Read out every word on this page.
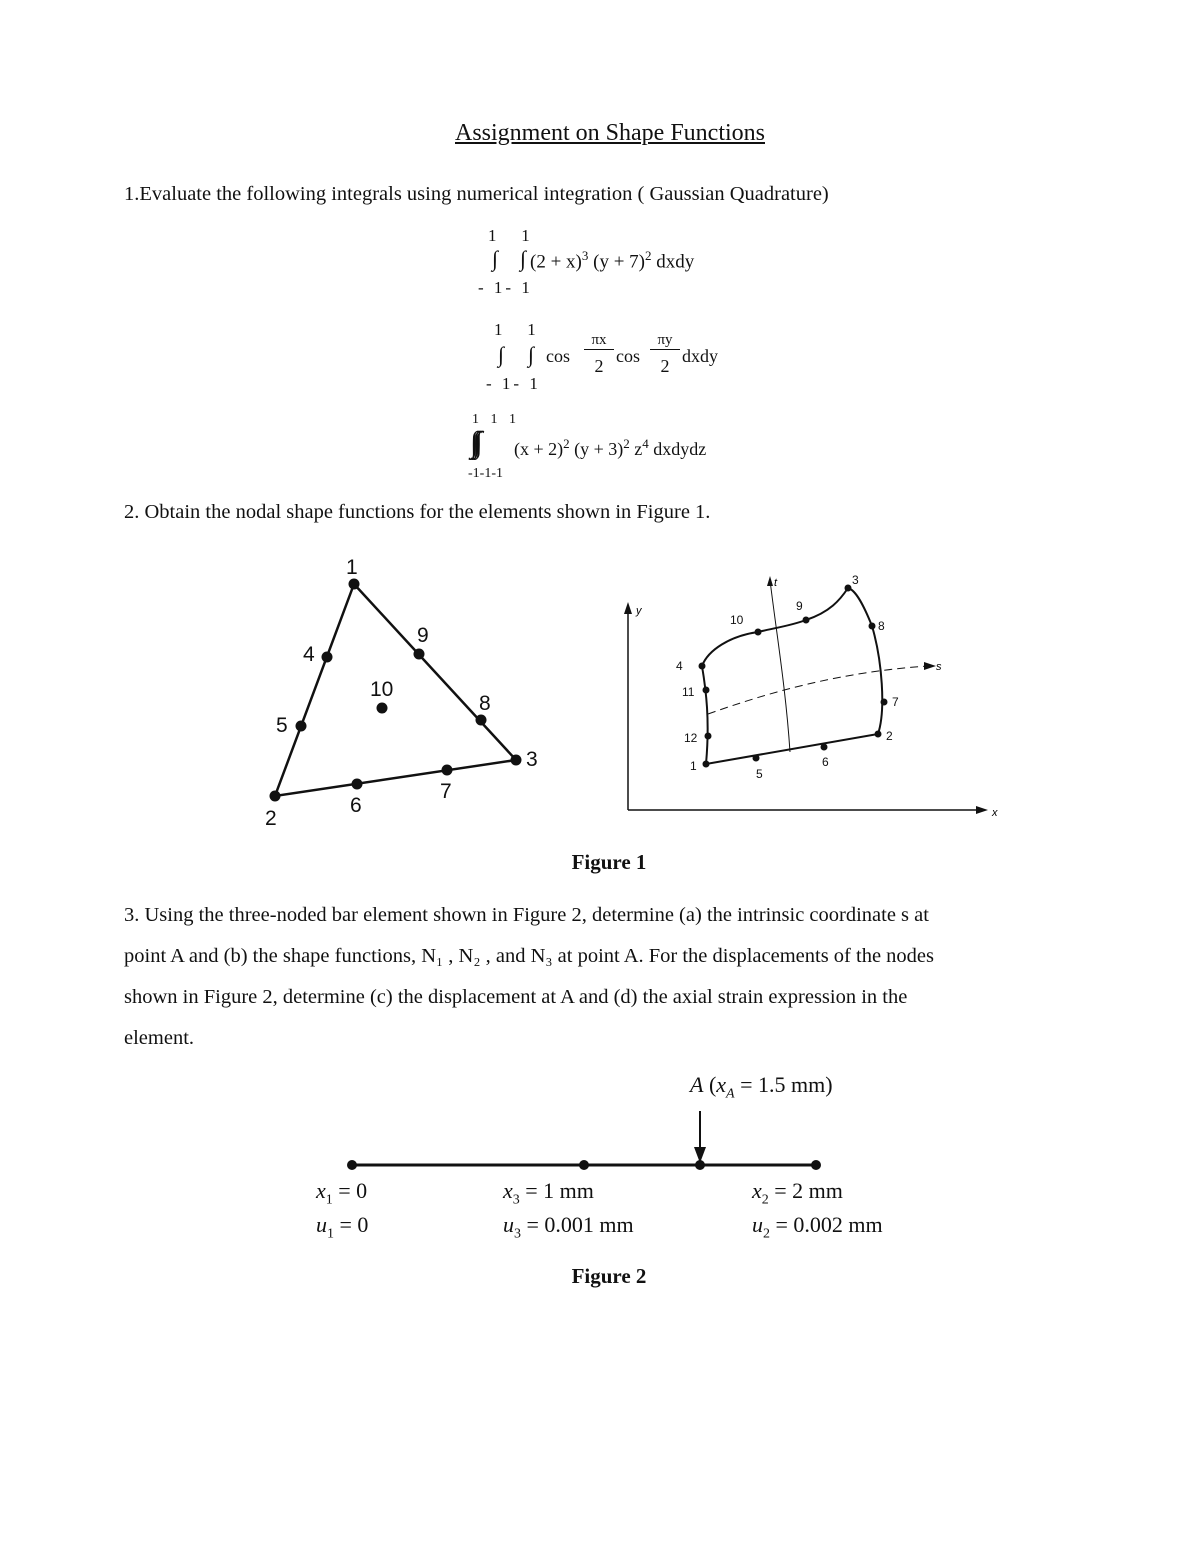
Assignment on Shape Functions
1.Evaluate the following integrals using numerical integration ( Gaussian Quadrature)
1   1
∫ ∫ $(2 + x)^3$ $(y + 7)^2$ dxdy
- 1- 1
1   1
∫ ∫ cos
πx
2 cos
πy
2 dxdy
- 1- 1
1 1 1
∫∫∫ $(x + 2)^2$ $(y + 3)^2$ $z^4$ dxdydz
-1-1-1
2. Obtain the nodal shape functions for the elements shown in Figure 1.
1
2
3
4
5
6
7
8
9
10
y
x
t
s
1
2
3
4
5
6
7
8
9
10
11
12
Figure 1
3. Using the three-noded bar element shown in Figure 2, determine (a) the intrinsic coordinate s at
point A and (b) the shape functions, N₁ , N₂ , and N₃ at point A. For the displacements of the nodes
shown in Figure 2, determine (c) the displacement at A and (d) the axial strain expression in the
element.
A ($x_A = 1.5$ mm)
$x_1 = 0$
$u_1 = 0$
$x_3 = 1$ mm
$u_3 = 0.001$ mm
$x_2 = 2$ mm
$u_2 = 0.002$ mm
Figure 2
